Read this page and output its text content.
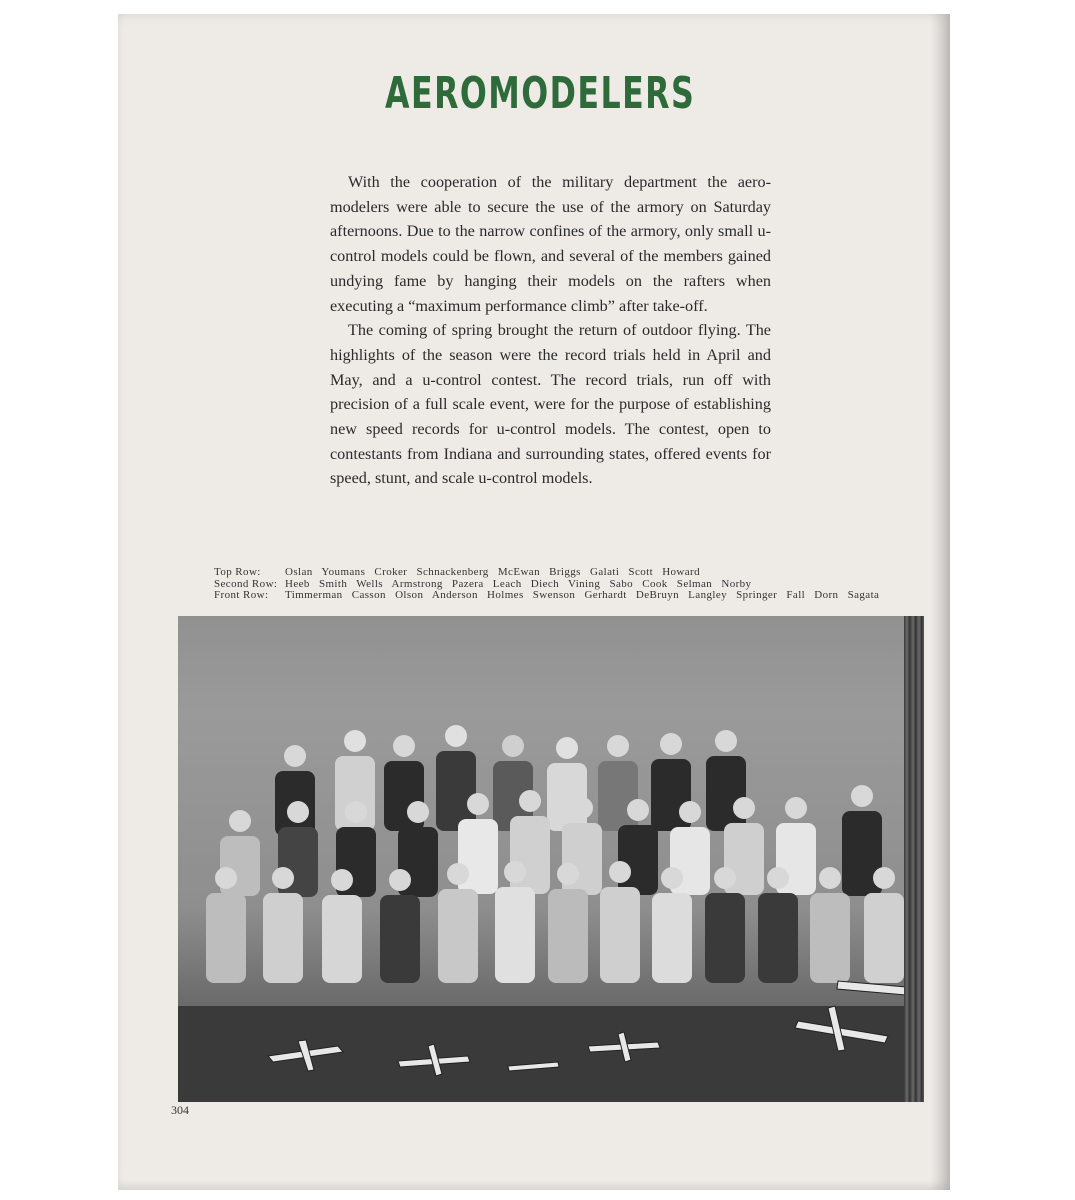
AEROMODELERS

With the cooperation of the military department the aero-modelers were able to secure the use of the armory on Saturday afternoons. Due to the narrow confines of the armory, only small u-control models could be flown, and several of the members gained undying fame by hanging their models on the rafters when executing a “maximum performance climb” after take-off.

The coming of spring brought the return of outdoor flying. The highlights of the season were the record trials held in April and May, and a u-control contest. The record trials, run off with precision of a full scale event, were for the purpose of establishing new speed records for u-control models. The contest, open to contestants from Indiana and surrounding states, offered events for speed, stunt, and scale u-control models.

Top Row:	Oslan Youmans Croker Schnackenberg McEwan Briggs Galati Scott Howard
Second Row: Heeb Smith Wells Armstrong Pazera Leach Diech Vining Sabo Cook Selman Norby
Front Row:	Timmerman Casson Olson Anderson Holmes Swenson Gerhardt DeBruyn Langley Springer Fall Dorn Sagata
304
